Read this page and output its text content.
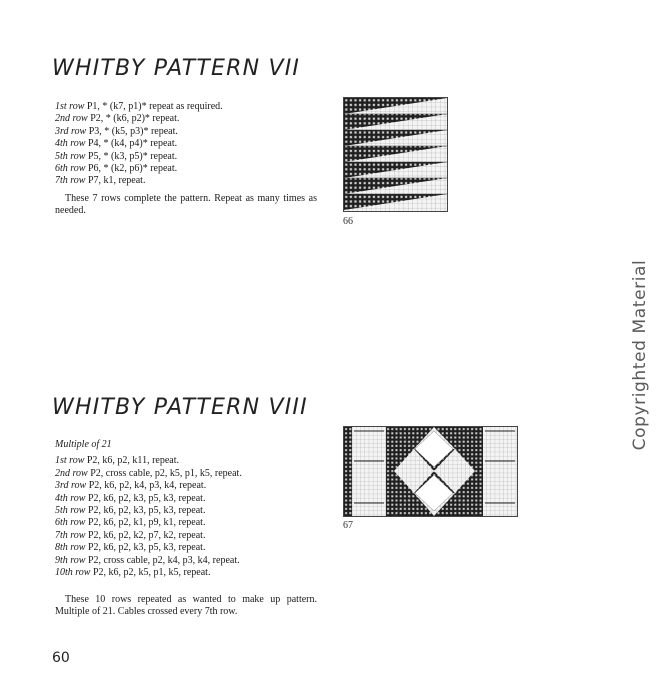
WHITBY PATTERN VII
1st row P1, * (k7, p1)* repeat as required.
2nd row P2, * (k6, p2)* repeat.
3rd row P3, * (k5, p3)* repeat.
4th row P4, * (k4, p4)* repeat.
5th row P5, * (k3, p5)* repeat.
6th row P6, * (k2, p6)* repeat.
7th row P7, k1, repeat.
These 7 rows complete the pattern. Repeat as many times as needed.
66
WHITBY PATTERN VIII
Multiple of 21
1st row P2, k6, p2, k11, repeat.
2nd row P2, cross cable, p2, k5, p1, k5, repeat.
3rd row P2, k6, p2, k4, p3, k4, repeat.
4th row P2, k6, p2, k3, p5, k3, repeat.
5th row P2, k6, p2, k3, p5, k3, repeat.
6th row P2, k6, p2, k1, p9, k1, repeat.
7th row P2, k6, p2, k2, p7, k2, repeat.
8th row P2, k6, p2, k3, p5, k3, repeat.
9th row P2, cross cable, p2, k4, p3, k4, repeat.
10th row P2, k6, p2, k5, p1, k5, repeat.
These 10 rows repeated as wanted to make up pattern. Multiple of 21. Cables crossed every 7th row.
67
60
Copyrighted Material
